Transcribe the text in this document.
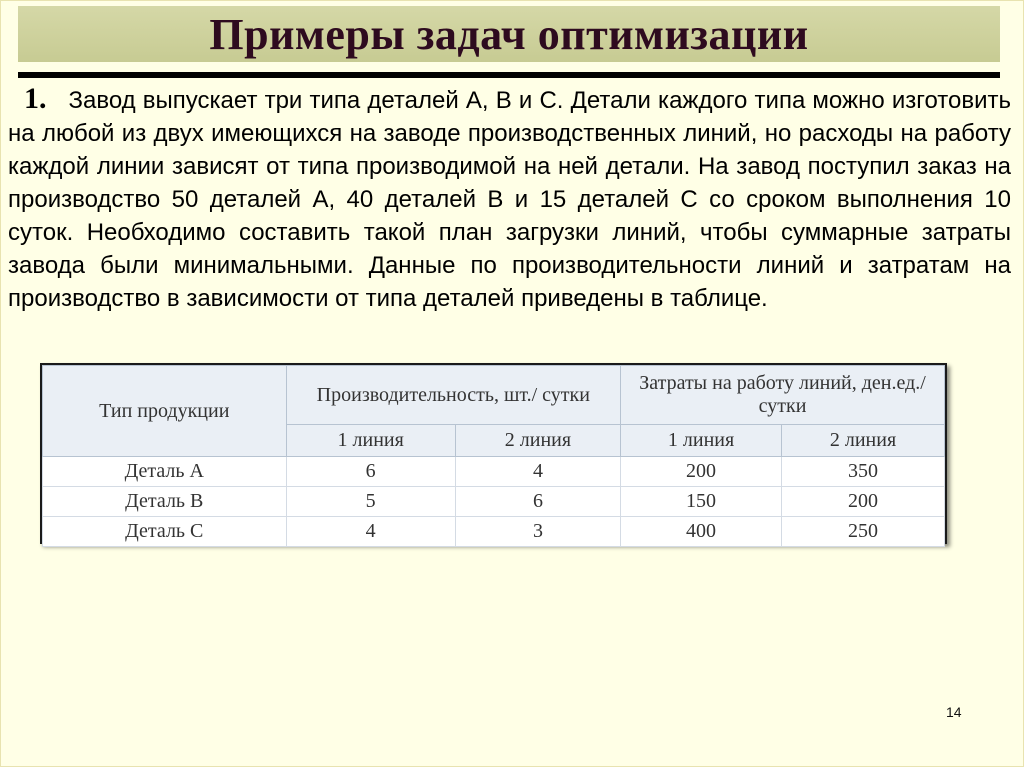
Примеры задач оптимизации
1. Завод выпускает три типа деталей А, В и С. Детали каждого типа можно изготовить на любой из двух имеющихся на заводе производственных линий, но расходы на работу каждой линии зависят от типа производимой на ней детали. На завод поступил заказ на производство 50 деталей А, 40 деталей В и 15 деталей С со сроком выполнения 10 суток. Необходимо составить такой план загрузки линий, чтобы суммарные затраты завода были минимальными. Данные по производительности линий и затратам на производство в зависимости от типа деталей приведены в таблице.
Тип продукции	Производительность, шт./ сутки		Затраты на работу линий, ден.ед./сутки	
	1 линия	2 линия	1 линия	2 линия
Деталь А	6	4	200	350
Деталь В	5	6	150	200
Деталь С	4	3	400	250
14
